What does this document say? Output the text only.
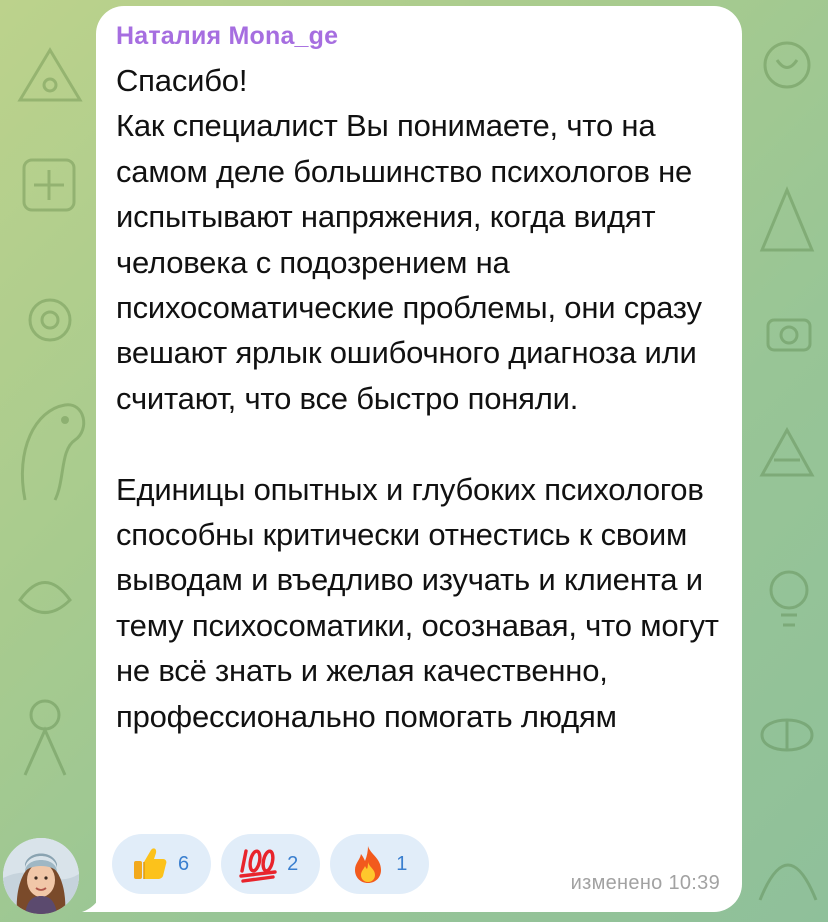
Наталия Mona_ge
Спасибо!
Как специалист Вы понимаете, что на самом деле большинство психологов не испытывают напряжения, когда видят человека с подозрением на психосоматические проблемы, они сразу вешают ярлык ошибочного диагноза или считают, что все быстро поняли.

Единицы опытных и глубоких психологов способны критически отнестись к своим выводам и въедливо изучать и клиента и тему психосоматики, осознавая, что могут не всё знать и желая качественно, профессионально помогать людям
6	2	1
изменено 10:39
